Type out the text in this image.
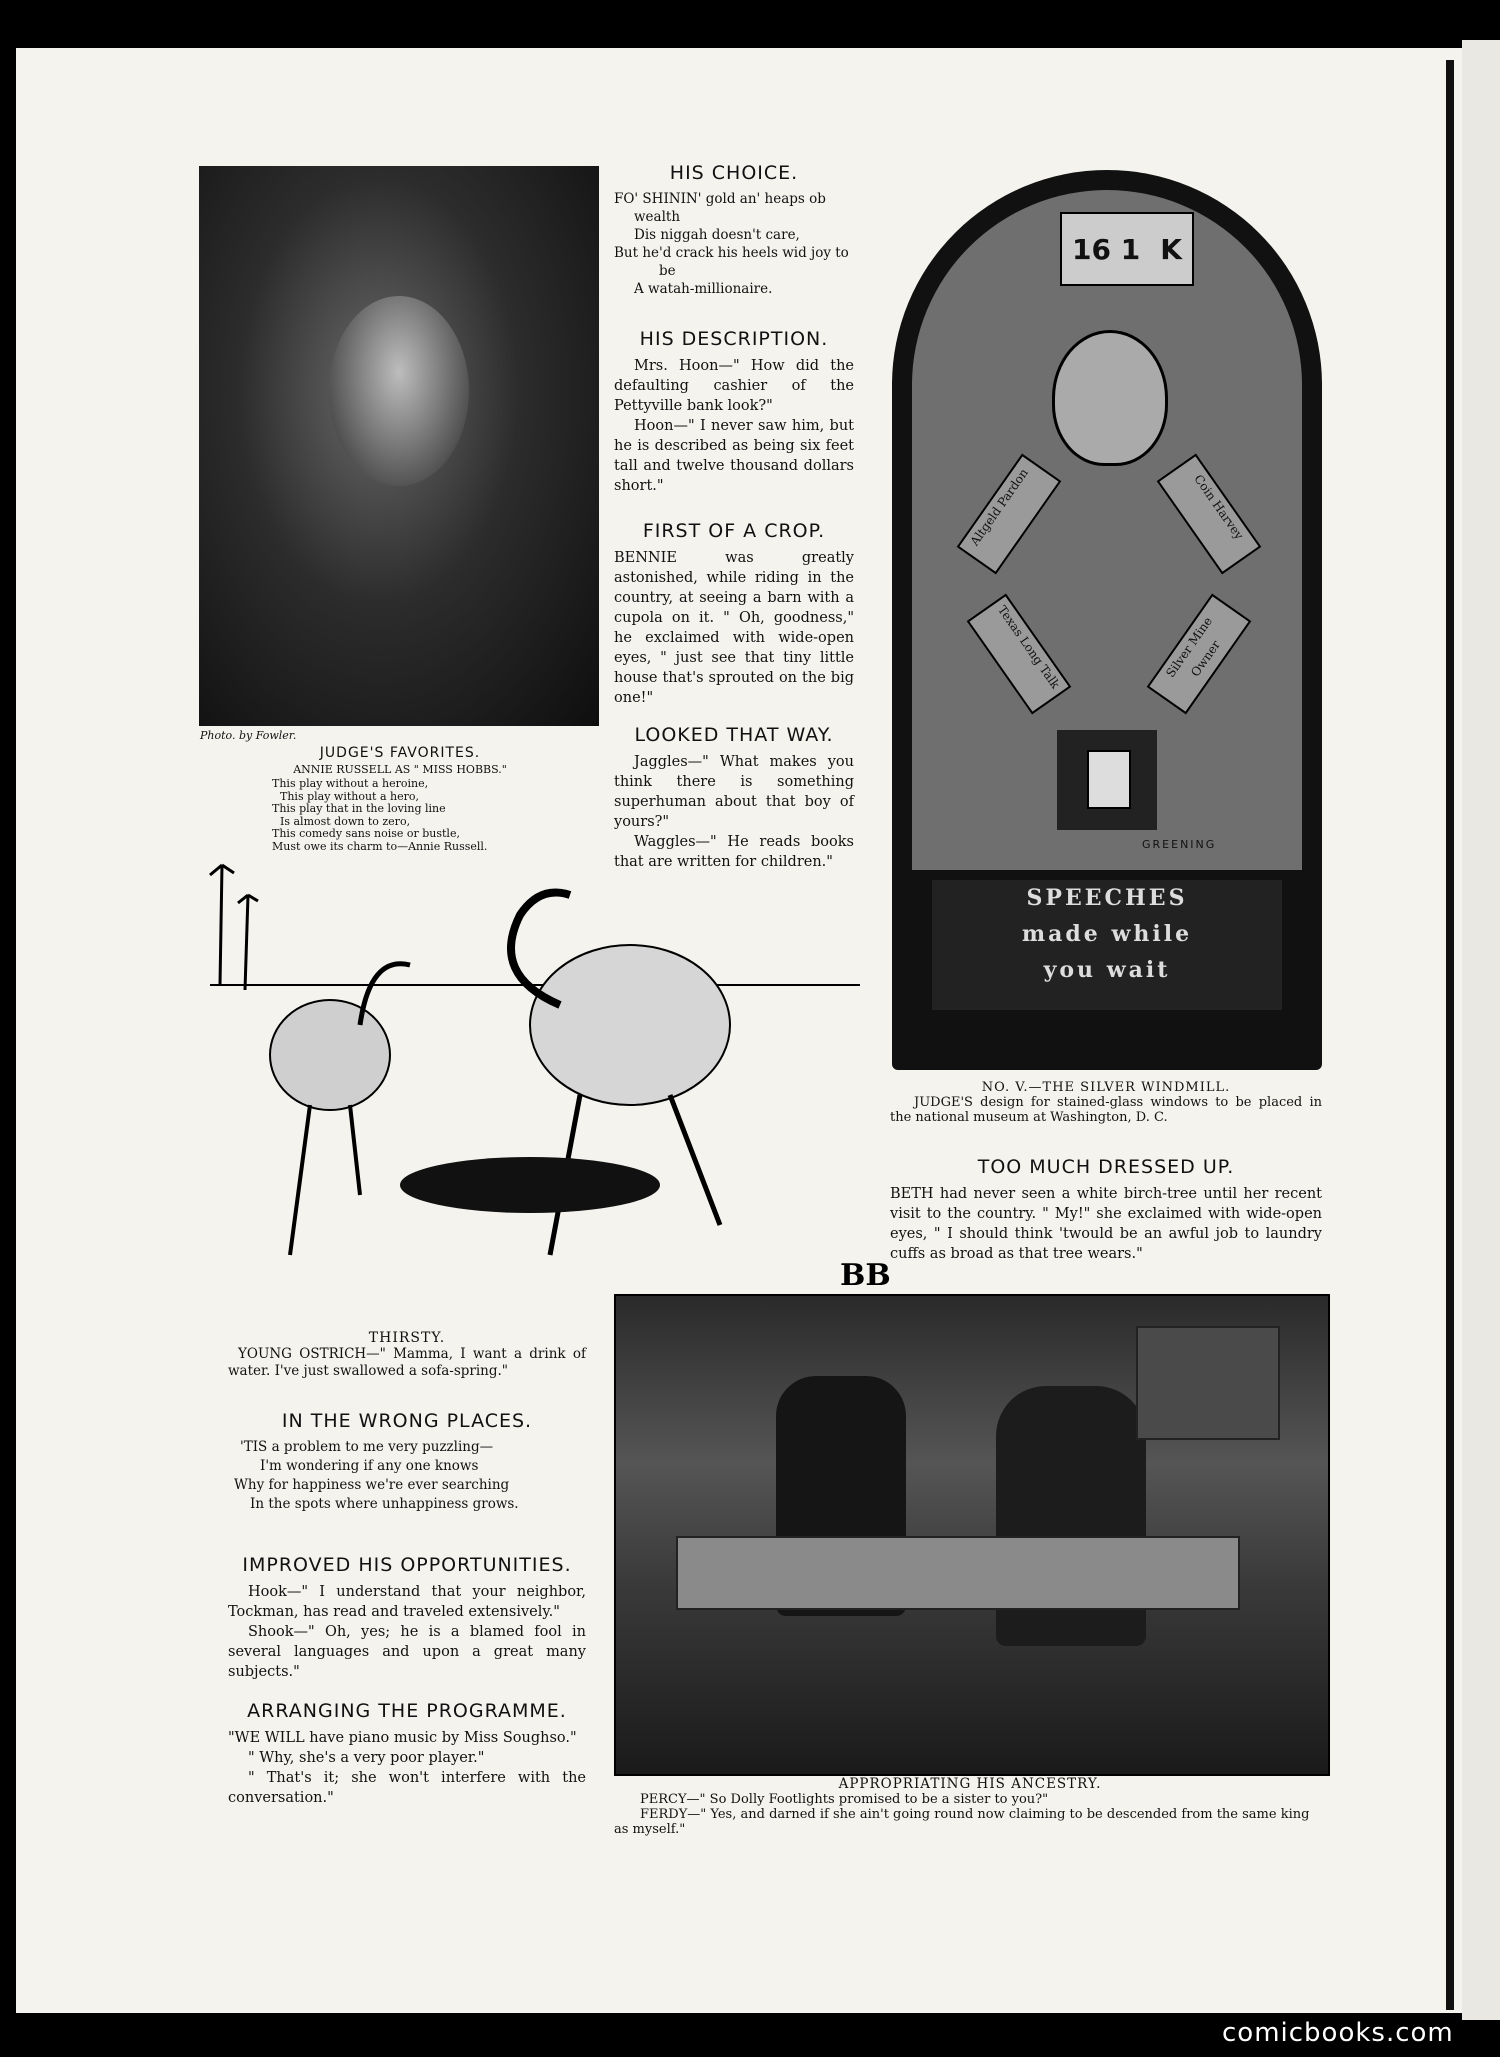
Photo. by Fowler.
JUDGE'S FAVORITES.
ANNIE RUSSELL AS " MISS HOBBS."
This play without a heroine,
This play without a hero,
This play that in the loving line
Is almost down to zero,
This comedy sans noise or bustle,
Must owe its charm to—Annie Russell.
HIS CHOICE.
FO' SHININ' gold an' heaps ob
wealth
Dis niggah doesn't care,
But he'd crack his heels wid joy to
be
A watah-millionaire.
HIS DESCRIPTION.

Mrs. Hoon—" How did the defaulting cashier of the Pettyville bank look?"

Hoon—" I never saw him, but he is described as being six feet tall and twelve thousand dollars short."

FIRST OF A CROP.

BENNIE was greatly astonished, while riding in the country, at seeing a barn with a cupola on it. " Oh, goodness," he exclaimed with wide-open eyes, " just see that tiny little house that's sprouted on the big one!"

LOOKED THAT WAY.

Jaggles—" What makes you think there is something superhuman about that boy of yours?"

Waggles—" He reads books that are written for children."

16 1 K
Altgeld Pardon	Coin Harvey
Texas Long Talk	Silver Mine Owner
GREENING
SPEECHES
made while
you wait
NO. V.—THE SILVER WINDMILL.
JUDGE'S design for stained-glass windows to be placed in the national museum at Washington, D. C.
TOO MUCH DRESSED UP.

BETH had never seen a white birch-tree until her recent visit to the country. " My!" she exclaimed with wide-open eyes, " I should think 'twould be an awful job to laundry cuffs as broad as that tree wears."

BB
THIRSTY.

YOUNG OSTRICH—" Mamma, I want a drink of water. I've just swallowed a sofa-spring."

IN THE WRONG PLACES.
'TIS a problem to me very puzzling—
I'm wondering if any one knows
Why for happiness we're ever searching
In the spots where unhappiness grows.
IMPROVED HIS OPPORTUNITIES.

Hook—" I understand that your neighbor, Tockman, has read and traveled extensively."

Shook—" Oh, yes; he is a blamed fool in several languages and upon a great many subjects."

ARRANGING THE PROGRAMME.

"WE WILL have piano music by Miss Soughso."

" Why, she's a very poor player."

" That's it; she won't interfere with the conversation."

APPROPRIATING HIS ANCESTRY.
PERCY—" So Dolly Footlights promised to be a sister to you?"
FERDY—" Yes, and darned if she ain't going round now claiming to be descended from the same king as myself."
comicbooks.com
